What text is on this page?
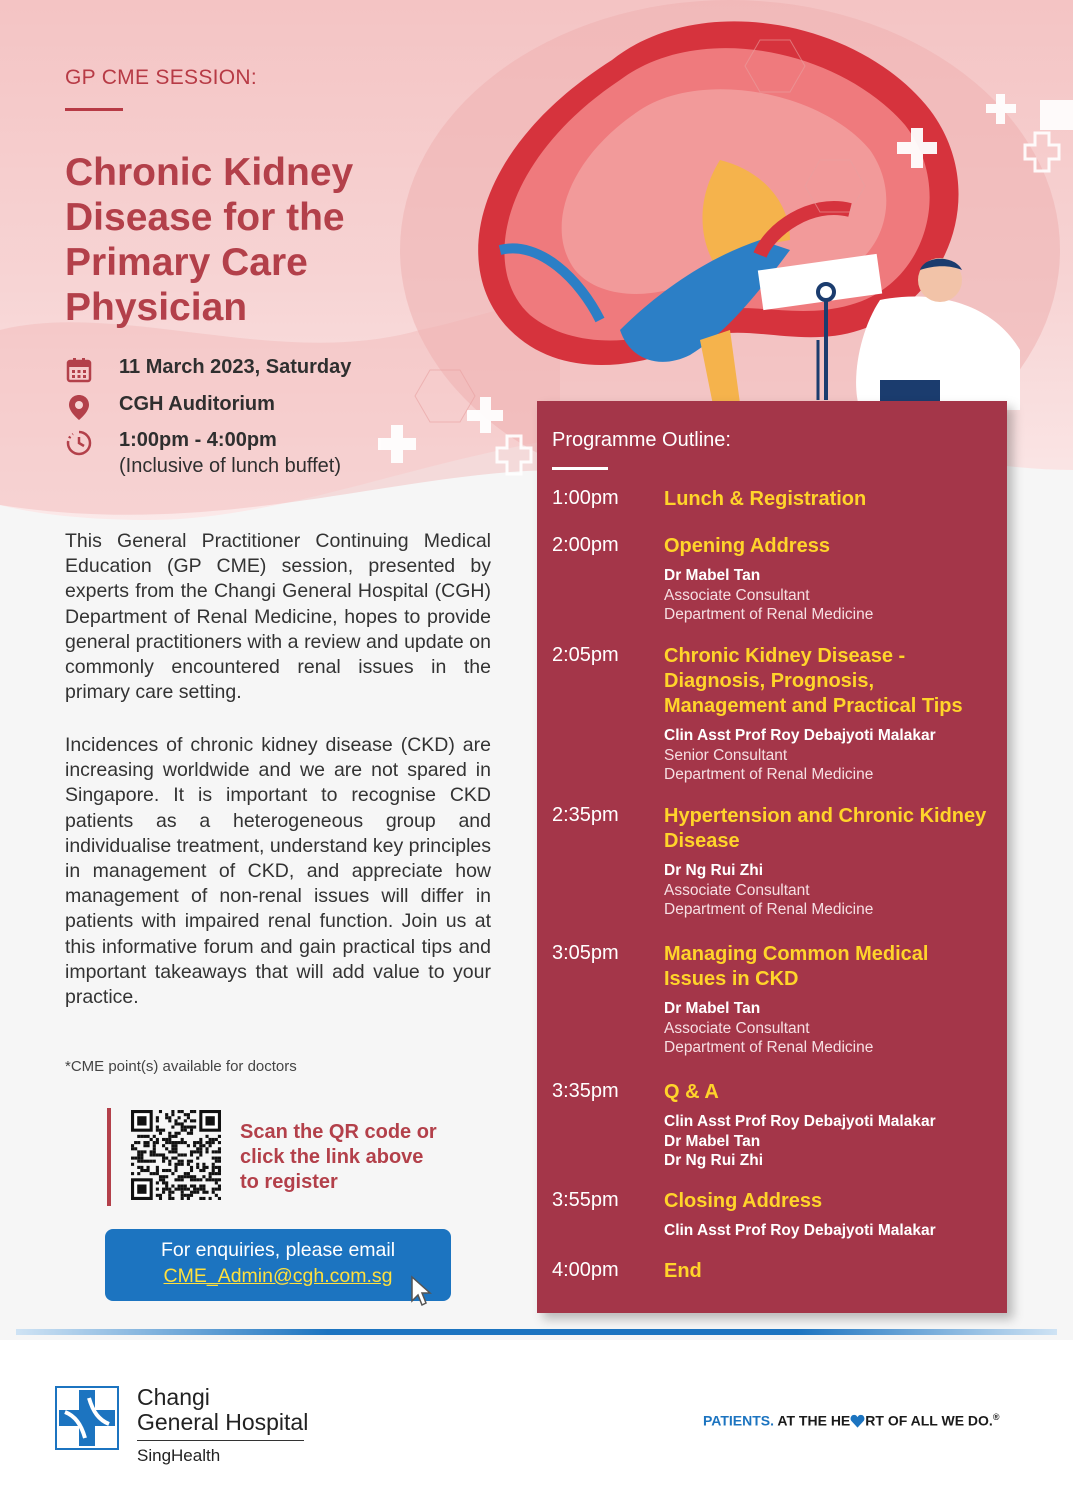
GP CME SESSION:
Chronic Kidney Disease for the Primary Care Physician
11 March 2023, Saturday
CGH Auditorium
1:00pm - 4:00pm
(Inclusive of lunch buffet)
This General Practitioner Continuing Medical Education (GP CME) session, presented by experts from the Changi General Hospital (CGH) Department of Renal Medicine, hopes to provide general practitioners with a review and update on commonly encountered renal issues in the primary care setting.
Incidences of chronic kidney disease (CKD) are increasing worldwide and we are not spared in Singapore. It is important to recognise CKD patients as a heterogeneous group and individualise treatment, understand key principles in management of CKD, and appreciate how management of non-renal issues will differ in patients with impaired renal function. Join us at this informative forum and gain practical tips and important takeaways that will add value to your practice.
*CME point(s) available for doctors
Scan the QR code or
click the link above
to register
For enquiries, please email
CME_Admin@cgh.com.sg
Programme Outline:
1:00pm Lunch & Registration
2:00pm Opening Address
Dr Mabel Tan
Associate Consultant
Department of Renal Medicine
2:05pm Chronic Kidney Disease - Diagnosis, Prognosis, Management and Practical Tips
Clin Asst Prof Roy Debajyoti Malakar
Senior Consultant
Department of Renal Medicine
2:35pm Hypertension and Chronic Kidney Disease
Dr Ng Rui Zhi
Associate Consultant
Department of Renal Medicine
3:05pm Managing Common Medical Issues in CKD
Dr Mabel Tan
Associate Consultant
Department of Renal Medicine
3:35pm Q & A
Clin Asst Prof Roy Debajyoti Malakar
Dr Mabel Tan
Dr Ng Rui Zhi
3:55pm Closing Address
Clin Asst Prof Roy Debajyoti Malakar
4:00pm End
Changi
General Hospital
SingHealth
PATIENTS. AT THE HE RT OF ALL WE DO.®
